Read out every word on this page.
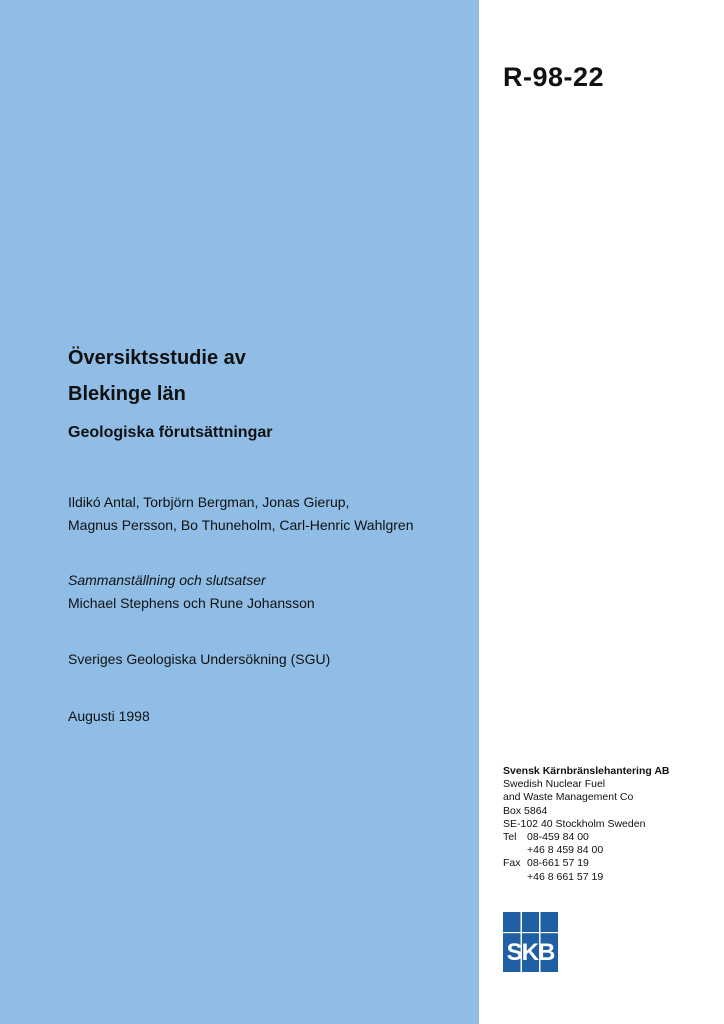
R-98-22
Översiktsstudie av
Blekinge län
Geologiska förutsättningar
Ildikó Antal, Torbjörn Bergman, Jonas Gierup,
Magnus Persson, Bo Thuneholm, Carl-Henric Wahlgren
Sammanställning och slutsatser
Michael Stephens och Rune Johansson
Sveriges Geologiska Undersökning (SGU)
Augusti 1998
Svensk Kärnbränslehantering AB
Swedish Nuclear Fuel
and Waste Management Co
Box 5864
SE-102 40 Stockholm Sweden
Tel 08-459 84 00
+46 8 459 84 00
Fax 08-661 57 19
+46 8 661 57 19
SKB
